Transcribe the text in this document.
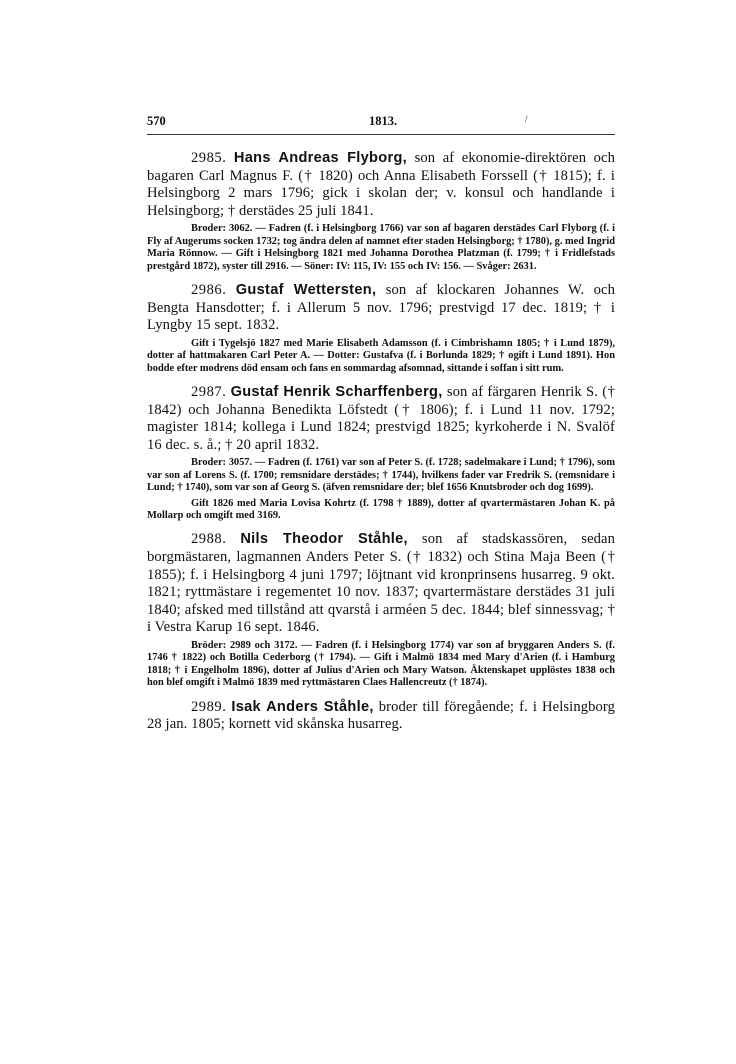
570	1813.	/

2985. Hans Andreas Flyborg, son af ekonomie-direktören och bagaren Carl Magnus F. († 1820) och Anna Elisabeth Forssell († 1815); f. i Helsingborg 2 mars 1796; gick i skolan der; v. konsul och handlande i Helsingborg; † derstädes 25 juli 1841.

Broder: 3062. — Fadren (f. i Helsingborg 1766) var son af bagaren derstädes Carl Flyborg (f. i Fly af Augerums socken 1732; tog ändra delen af namnet efter staden Helsingborg; † 1780), g. med Ingrid Maria Rönnow. — Gift i Helsingborg 1821 med Johanna Dorothea Platzman (f. 1799; † i Fridlefstads prestgård 1872), syster till 2916. — Söner: IV: 115, IV: 155 och IV: 156. — Svåger: 2631.

2986. Gustaf Wettersten, son af klockaren Johannes W. och Bengta Hansdotter; f. i Allerum 5 nov. 1796; prestvigd 17 dec. 1819; † i Lyngby 15 sept. 1832.

Gift i Tygelsjö 1827 med Marie Elisabeth Adamsson (f. i Cimbrishamn 1805; † i Lund 1879), dotter af hattmakaren Carl Peter A. — Dotter: Gustafva (f. i Borlunda 1829; † ogift i Lund 1891). Hon bodde efter modrens död ensam och fans en sommardag afsomnad, sittande i soffan i sitt rum.

2987. Gustaf Henrik Scharffenberg, son af färgaren Henrik S. († 1842) och Johanna Benedikta Löfstedt († 1806); f. i Lund 11 nov. 1792; magister 1814; kollega i Lund 1824; prestvigd 1825; kyrkoherde i N. Svalöf 16 dec. s. å.; † 20 april 1832.

Broder: 3057. — Fadren (f. 1761) var son af Peter S. (f. 1728; sadelmakare i Lund; † 1796), som var son af Lorens S. (f. 1700; remsnidare derstädes; † 1744), hvilkens fader var Fredrik S. (remsnidare i Lund; † 1740), som var son af Georg S. (äfven remsnidare der; blef 1656 Knutsbroder och dog 1699).

Gift 1826 med Maria Lovisa Kohrtz (f. 1798 † 1889), dotter af qvartermästaren Johan K. på Mollarp och omgift med 3169.

2988. Nils Theodor Ståhle, son af stadskassören, sedan borgmästaren, lagmannen Anders Peter S. († 1832) och Stina Maja Been († 1855); f. i Helsingborg 4 juni 1797; löjtnant vid kronprinsens husarreg. 9 okt. 1821; ryttmästare i regementet 10 nov. 1837; qvartermästare derstädes 31 juli 1840; afsked med tillstånd att qvarstå i arméen 5 dec. 1844; blef sinnessvag; † i Vestra Karup 16 sept. 1846.

Bröder: 2989 och 3172. — Fadren (f. i Helsingborg 1774) var son af bryggaren Anders S. (f. 1746 † 1822) och Botilla Cederborg († 1794). — Gift i Malmö 1834 med Mary d'Arien (f. i Hamburg 1818; † i Engelholm 1896), dotter af Julius d'Arien och Mary Watson. Äktenskapet upplöstes 1838 och hon blef omgift i Malmö 1839 med ryttmästaren Claes Hallencreutz († 1874).

2989. Isak Anders Ståhle, broder till föregående; f. i Helsingborg 28 jan. 1805; kornett vid skånska husarreg.
